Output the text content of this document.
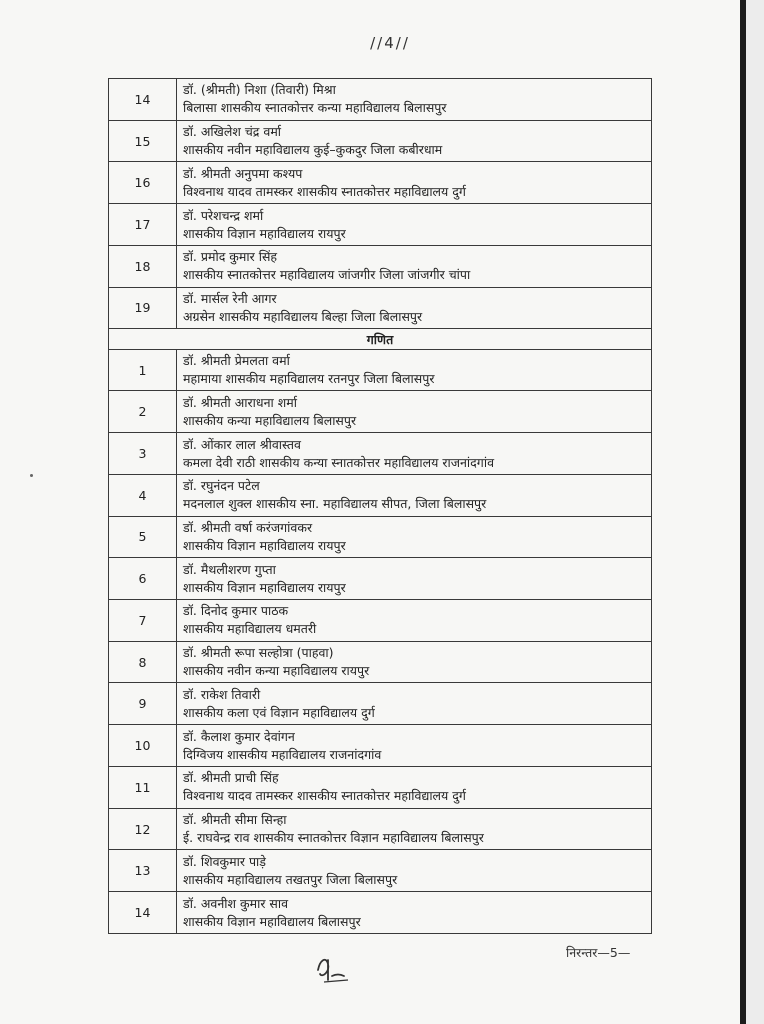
//4//
14	डॉ. (श्रीमती) निशा (तिवारी) मिश्रा
बिलासा शासकीय स्नातकोत्तर कन्या महाविद्यालय बिलासपुर

15	डॉ. अखिलेश चंद्र वर्मा
शासकीय नवीन महाविद्यालय कुई–कुकदुर जिला कबीरधाम

16	डॉ. श्रीमती अनुपमा कश्यप
विश्वनाथ यादव तामस्कर शासकीय स्नातकोत्तर महाविद्यालय दुर्ग

17	डॉ. परेशचन्द्र शर्मा
शासकीय विज्ञान महाविद्यालय रायपुर

18	डॉ. प्रमोद कुमार सिंह
शासकीय स्नातकोत्तर महाविद्यालय जांजगीर जिला जांजगीर चांपा

19	डॉ. मार्सल रेनी आगर
अग्रसेन शासकीय महाविद्यालय बिल्हा जिला बिलासपुर

गणित	
1	डॉ. श्रीमती प्रेमलता वर्मा
महामाया शासकीय महाविद्यालय रतनपुर जिला बिलासपुर

2	डॉ. श्रीमती आराधना शर्मा
शासकीय कन्या महाविद्यालय बिलासपुर

3	डॉ. ओंकार लाल श्रीवास्तव
कमला देवी राठी शासकीय कन्या स्नातकोत्तर महाविद्यालय राजनांदगांव

4	डॉ. रघुनंदन पटेल
मदनलाल शुक्ल शासकीय स्ना. महाविद्यालय सीपत, जिला बिलासपुर

5	डॉ. श्रीमती वर्षा करंजगांवकर
शासकीय विज्ञान महाविद्यालय रायपुर

6	डॉ. मैथलीशरण गुप्ता
शासकीय विज्ञान महाविद्यालय रायपुर

7	डॉ. दिनोद कुमार पाठक
शासकीय महाविद्यालय धमतरी

8	डॉ. श्रीमती रूपा सल्होत्रा (पाहवा)
शासकीय नवीन कन्या महाविद्यालय रायपुर

9	डॉ. राकेश तिवारी
शासकीय कला एवं विज्ञान महाविद्यालय दुर्ग

10	डॉ. कैलाश कुमार देवांगन
दिग्विजय शासकीय महाविद्यालय राजनांदगांव

11	डॉ. श्रीमती प्राची सिंह
विश्वनाथ यादव तामस्कर शासकीय स्नातकोत्तर महाविद्यालय दुर्ग

12	डॉ. श्रीमती सीमा सिन्हा
ई. राघवेन्द्र राव शासकीय स्नातकोत्तर विज्ञान महाविद्यालय बिलासपुर

13	डॉ. शिवकुमार पाड़े
शासकीय महाविद्यालय तखतपुर जिला बिलासपुर

14	डॉ. अवनीश कुमार साव
शासकीय विज्ञान महाविद्यालय बिलासपुर
निरन्तर—5—
